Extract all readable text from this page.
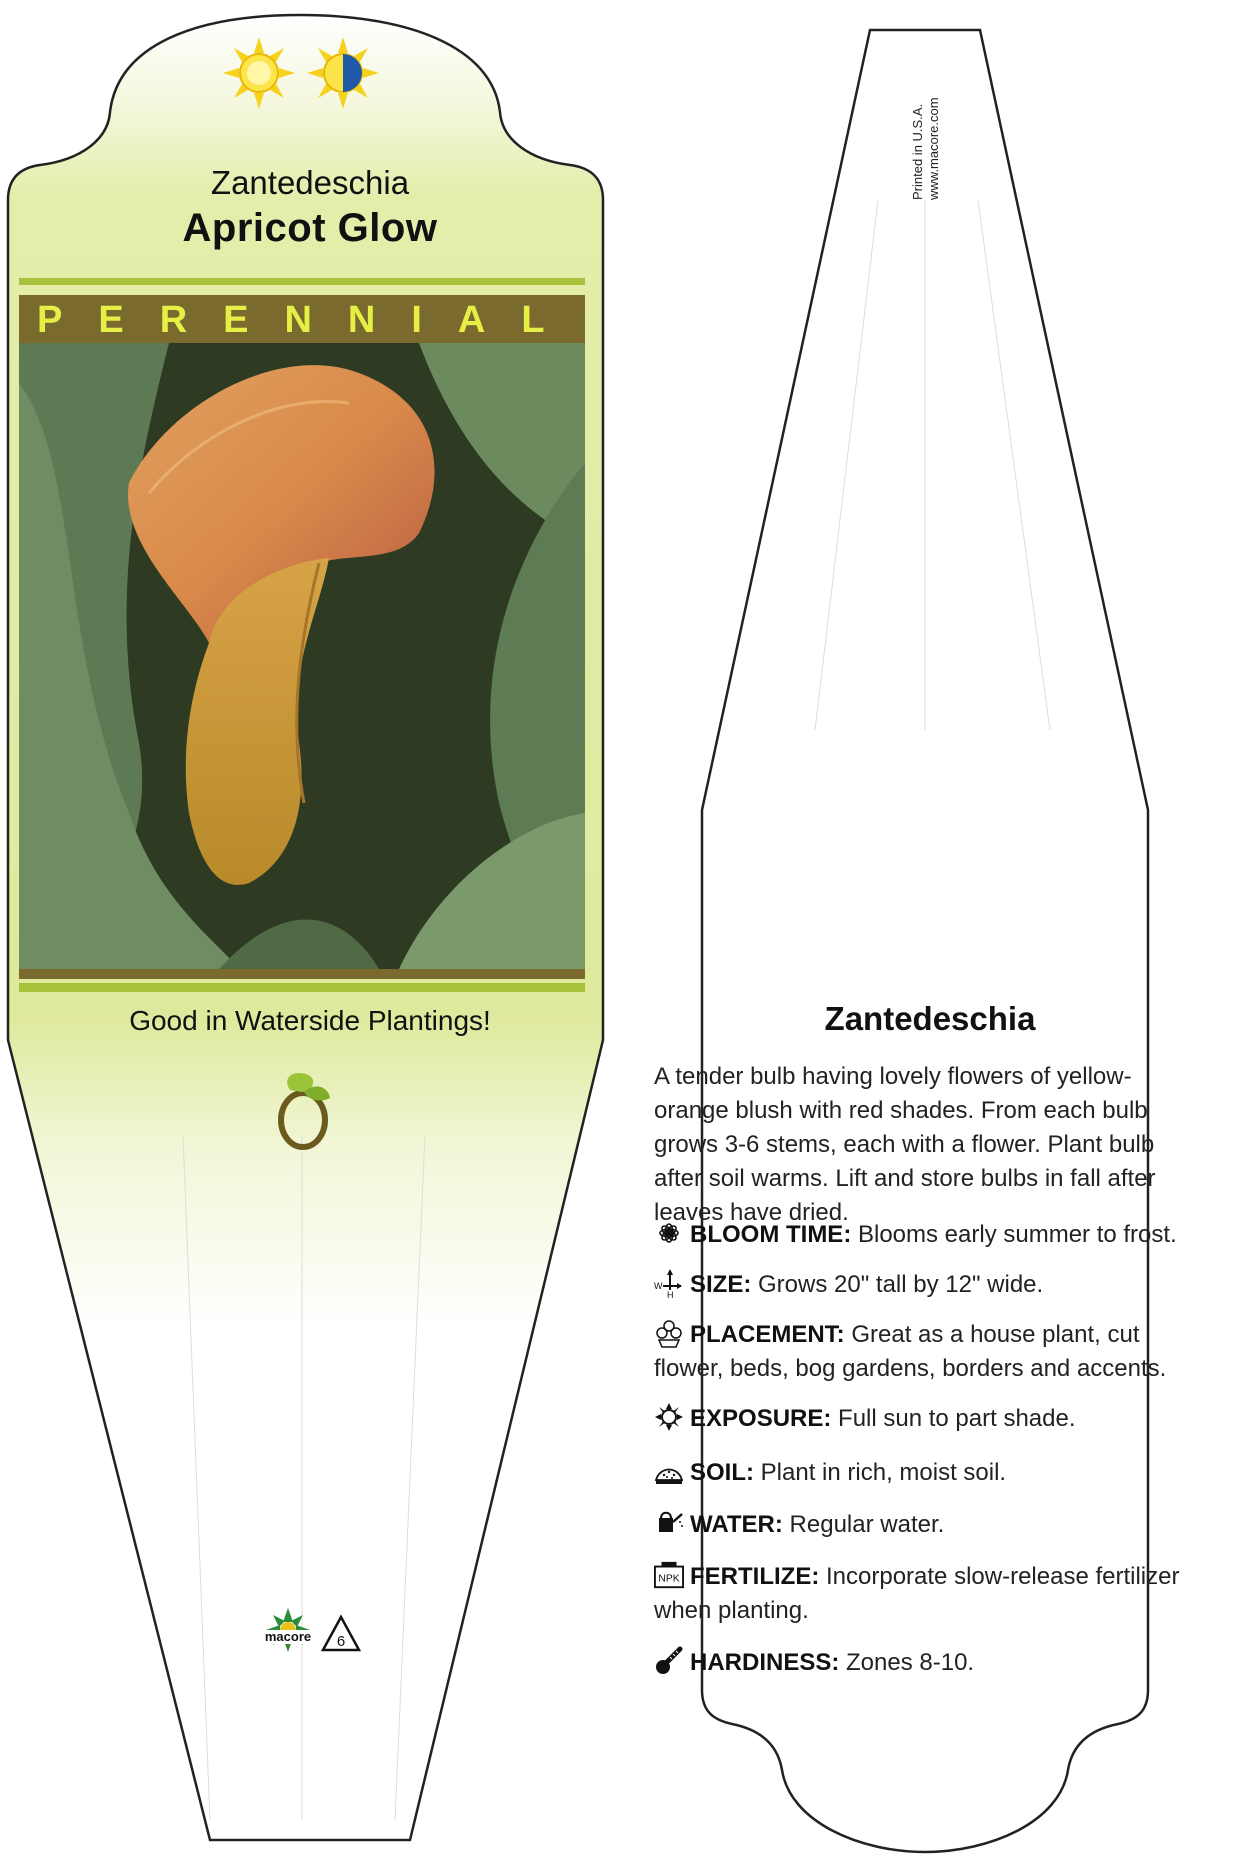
Zantedeschia
Apricot Glow
PERENNIAL
Good in Waterside Plantings!
macore 6
Printed in U.S.A. www.macore.com
Zantedeschia
A tender bulb having lovely flowers of yellow-orange blush with red shades. From each bulb grows 3-6 stems, each with a flower. Plant bulb after soil warms. Lift and store bulbs in fall after leaves have dried.
BLOOM TIME: Blooms early summer to frost.
W
H SIZE: Grows 20" tall by 12" wide.
PLACEMENT: Great as a house plant, cut flower, beds, bog gardens, borders and accents.
EXPOSURE: Full sun to part shade.
SOIL: Plant in rich, moist soil.
WATER: Regular water.
NPK FERTILIZE: Incorporate slow-release fertilizer when planting.
HARDINESS: Zones 8-10.
